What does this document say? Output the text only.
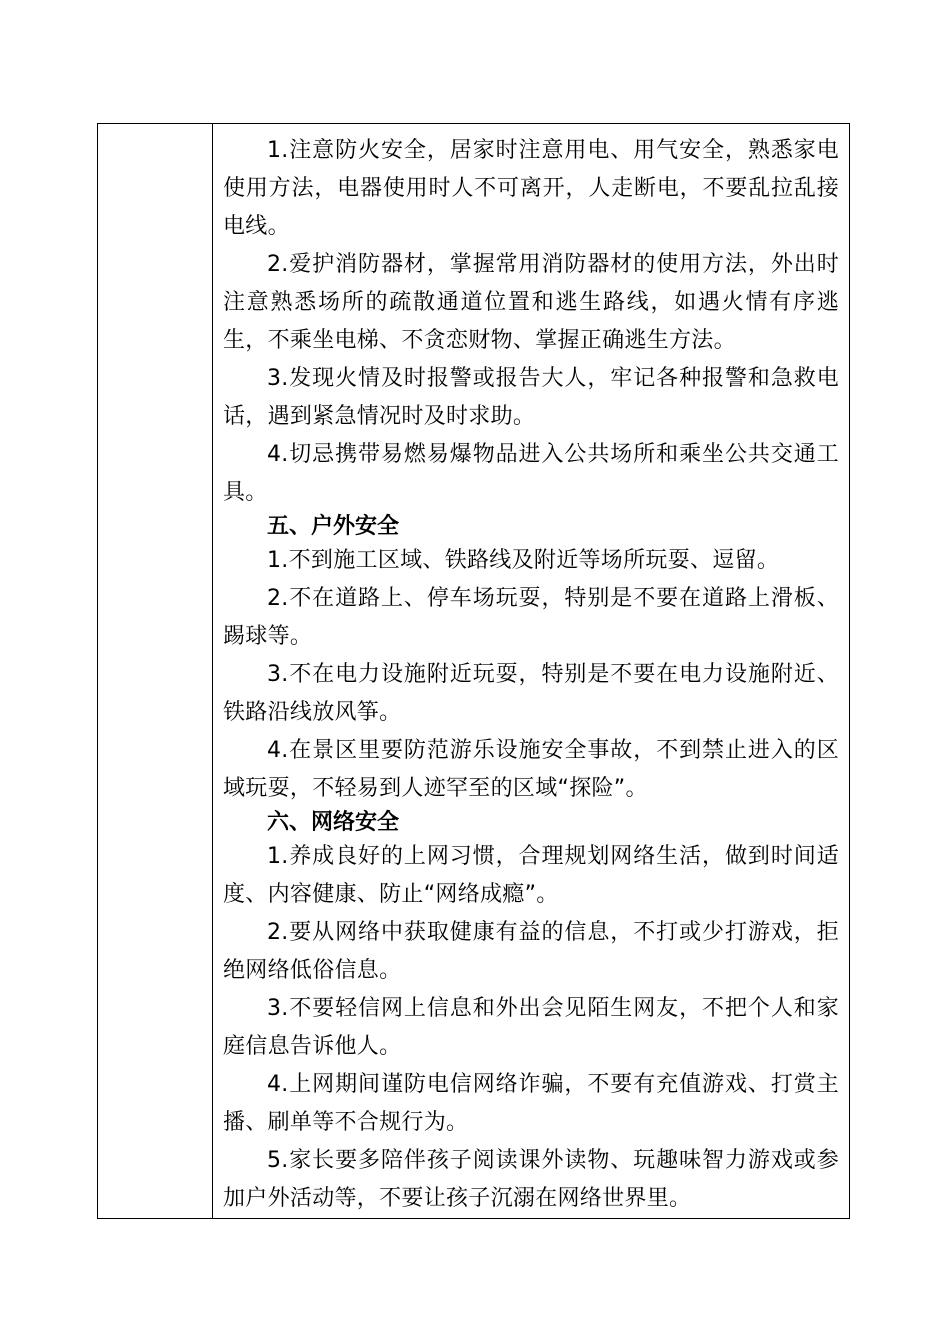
1.注意防火安全，居家时注意用电、用气安全，熟悉家电使用方法，电器使用时人不可离开，人走断电，不要乱拉乱接电线。

2.爱护消防器材，掌握常用消防器材的使用方法，外出时注意熟悉场所的疏散通道位置和逃生路线，如遇火情有序逃生，不乘坐电梯、不贪恋财物、掌握正确逃生方法。

3.发现火情及时报警或报告大人，牢记各种报警和急救电话，遇到紧急情况时及时求助。

4.切忌携带易燃易爆物品进入公共场所和乘坐公共交通工具。

五、户外安全

1.不到施工区域、铁路线及附近等场所玩耍、逗留。

2.不在道路上、停车场玩耍，特别是不要在道路上滑板、踢球等。

3.不在电力设施附近玩耍，特别是不要在电力设施附近、铁路沿线放风筝。

4.在景区里要防范游乐设施安全事故，不到禁止进入的区域玩耍，不轻易到人迹罕至的区域“探险”。

六、网络安全

1.养成良好的上网习惯，合理规划网络生活，做到时间适度、内容健康、防止“网络成瘾”。

2.要从网络中获取健康有益的信息，不打或少打游戏，拒绝网络低俗信息。

3.不要轻信网上信息和外出会见陌生网友，不把个人和家庭信息告诉他人。

4.上网期间谨防电信网络诈骗，不要有充值游戏、打赏主播、刷单等不合规行为。

5.家长要多陪伴孩子阅读课外读物、玩趣味智力游戏或参加户外活动等，不要让孩子沉溺在网络世界里。
